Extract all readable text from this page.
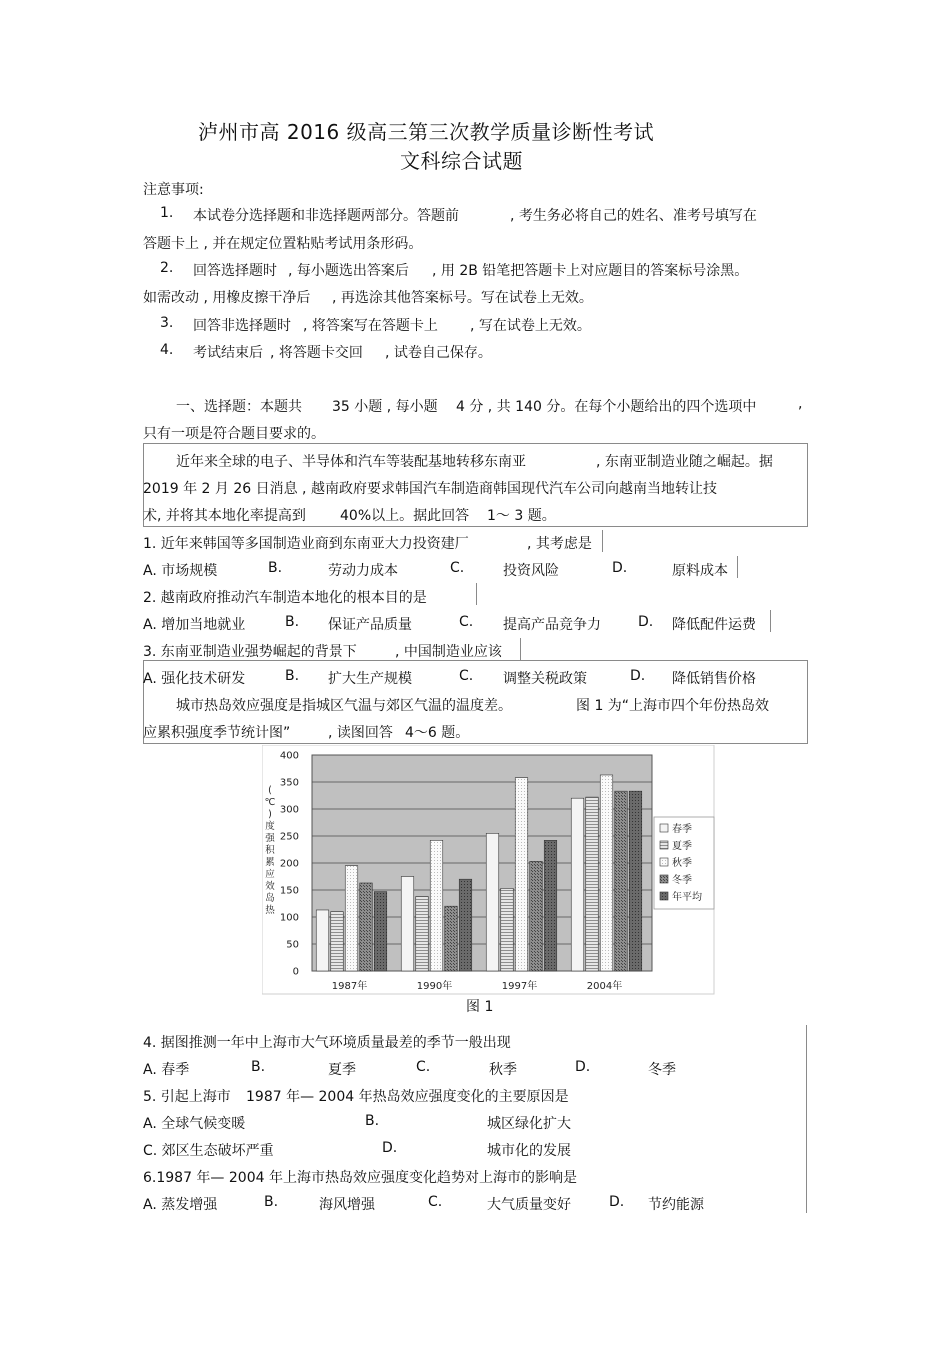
泸州市高 2016 级高三第三次教学质量诊断性考试
文科综合试题
注意事项:
1. 本试卷分选择题和非选择题两部分。答题前	, 考生务必将自己的姓名、准考号填写在
答题卡上 , 并在规定位置粘贴考试用条形码。
2. 回答选择题时 , 每小题选出答案后 , 用 2B 铅笔把答题卡上对应题目的答案标号涂黑。
如需改动 , 用橡皮擦干净后 , 再选涂其他答案标号。写在试卷上无效。
3. 回答非选择题时 , 将答案写在答题卡上 , 写在试卷上无效。
4. 考试结束后 , 将答题卡交回 , 试卷自己保存。
一、选择题：本题共 35 小题 , 每小题 4 分 , 共 140 分。在每个小题给出的四个选项中	,
只有一项是符合题目要求的。
近年来全球的电子、半导体和汽车等装配基地转移东南亚	, 东南亚制造业随之崛起。据
2019 年 2 月 26 日消息 , 越南政府要求韩国汽车制造商韩国现代汽车公司向越南当地转让技
术, 并将其本地化率提高到 40%以上。据此回答 1～ 3 题。
1. 近年来韩国等多国制造业商到东南亚大力投资建厂	, 其考虑是
A. 市场规模	B.	劳动力成本	C.	投资风险	D.	原料成本
2. 越南政府推动汽车制造本地化的根本目的是
A. 增加当地就业	B. 保证产品质量	C. 提高产品竞争力	D. 降低配件运费
3. 东南亚制造业强势崛起的背景下	, 中国制造业应该
A. 强化技术研发	B. 扩大生产规模	C. 调整关税政策	D. 降低销售价格
城市热岛效应强度是指城区气温与郊区气温的温度差。	图 1 为“上海市四个年份热岛效
应累积强度季节统计图”	, 读图回答 4～6 题。
400
350
300
250
200
150
100
50
0
(
℃
)
度
强
积
累
应
效
岛
热
1987年	1990年	1997年	2004年
春季
夏季
秋季
冬季
年平均
图 1
4. 据图推测一年中上海市大气环境质量最差的季节一般出现
A. 春季	B.	夏季	C.	秋季	D.	冬季
5. 引起上海市 1987 年— 2004 年热岛效应强度变化的主要原因是
A. 全球气候变暖	B.	城区绿化扩大
C. 郊区生态破坏严重	D.	城市化的发展
6.1987 年— 2004 年上海市热岛效应强度变化趋势对上海市的影响是
A. 蒸发增强	B.	海风增强	C.	大气质量变好	D. 节约能源
